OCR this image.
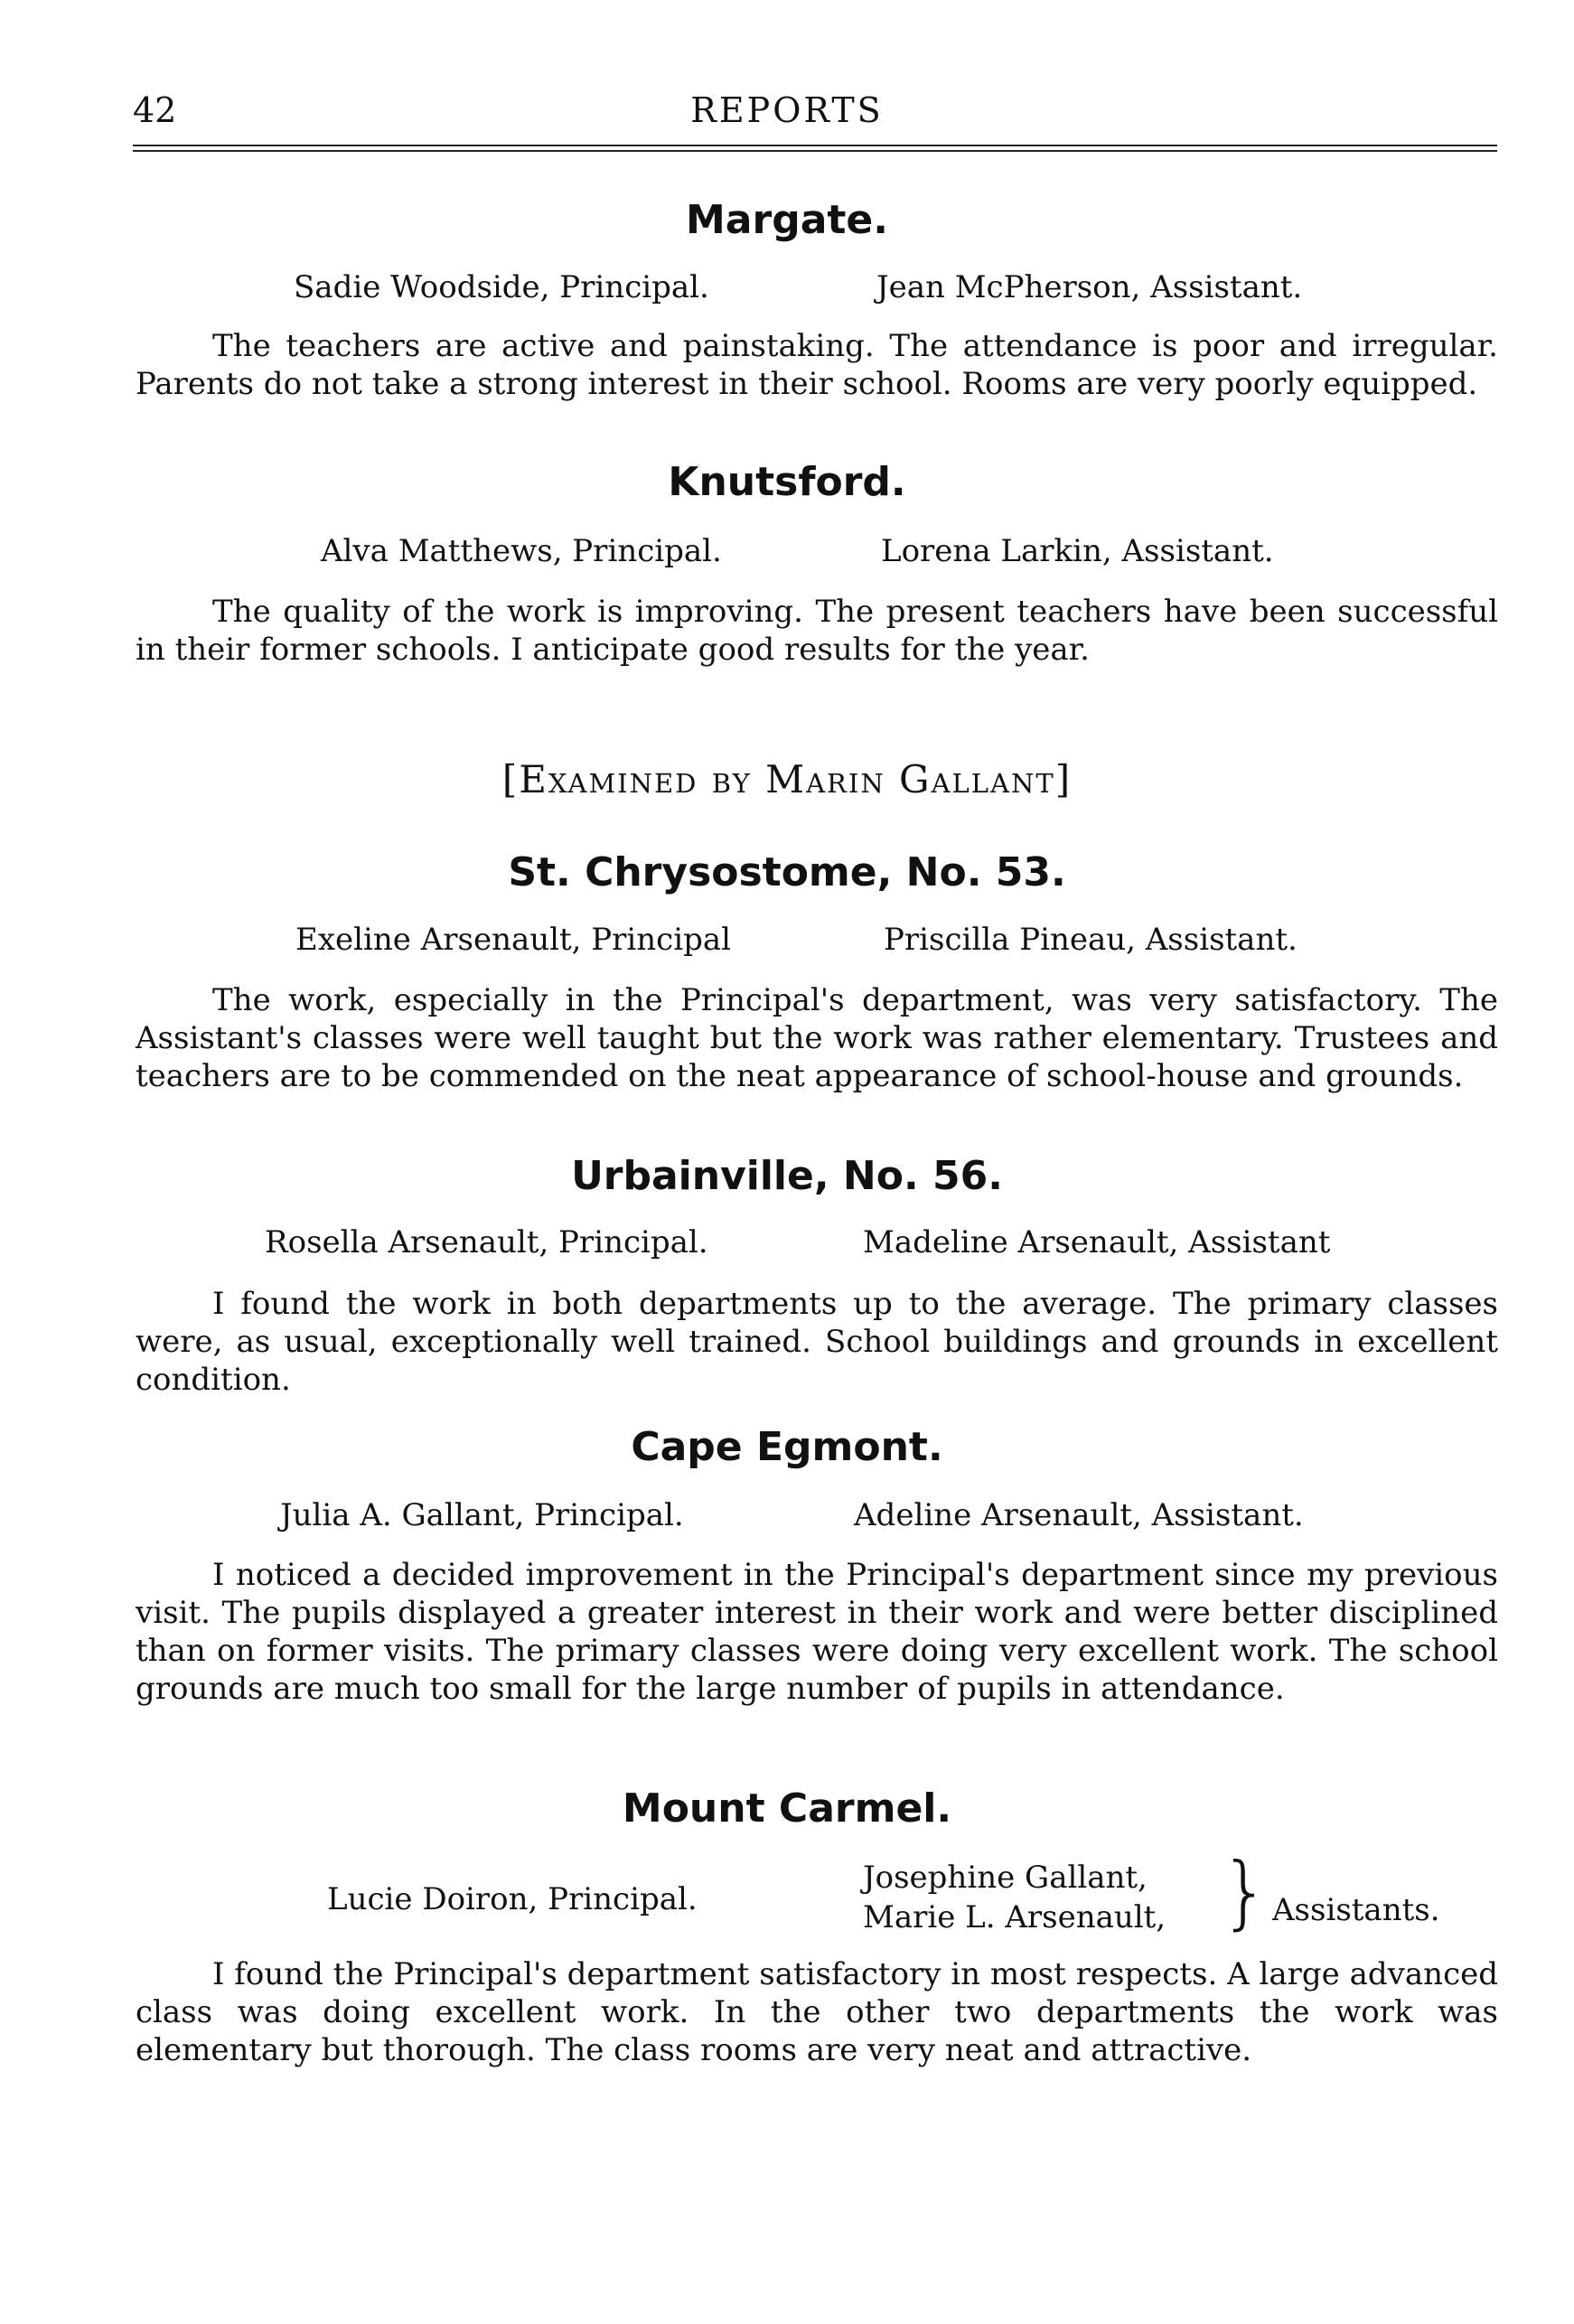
42	REPORTS
Margate.
Sadie Woodside, Principal.	Jean McPherson, Assistant.
The teachers are active and painstaking. The attendance is poor and irregular. Parents do not take a strong interest in their school. Rooms are very poorly equipped.
Knutsford.
Alva Matthews, Principal.	Lorena Larkin, Assistant.
The quality of the work is improving. The present teachers have been successful in their former schools. I anticipate good results for the year.
[Examined by Marin Gallant]
St. Chrysostome, No. 53.
Exeline Arsenault, Principal	Priscilla Pineau, Assistant.
The work, especially in the Principal's department, was very satisfactory. The Assistant's classes were well taught but the work was rather elementary. Trustees and teachers are to be commended on the neat appearance of school-house and grounds.
Urbainville, No. 56.
Rosella Arsenault, Principal.	Madeline Arsenault, Assistant
I found the work in both departments up to the average. The primary classes were, as usual, exceptionally well trained. School buildings and grounds in excellent condition.
Cape Egmont.
Julia A. Gallant, Principal.	Adeline Arsenault, Assistant.
I noticed a decided improvement in the Principal's department since my previous visit. The pupils displayed a greater interest in their work and were better disciplined than on former visits. The primary classes were doing very excellent work. The school grounds are much too small for the large number of pupils in attendance.
Mount Carmel.
Lucie Doiron, Principal.
Josephine Gallant,
Marie L. Arsenault, } Assistants.
I found the Principal's department satisfactory in most respects. A large advanced class was doing excellent work. In the other two departments the work was elementary but thorough. The class rooms are very neat and attractive.
